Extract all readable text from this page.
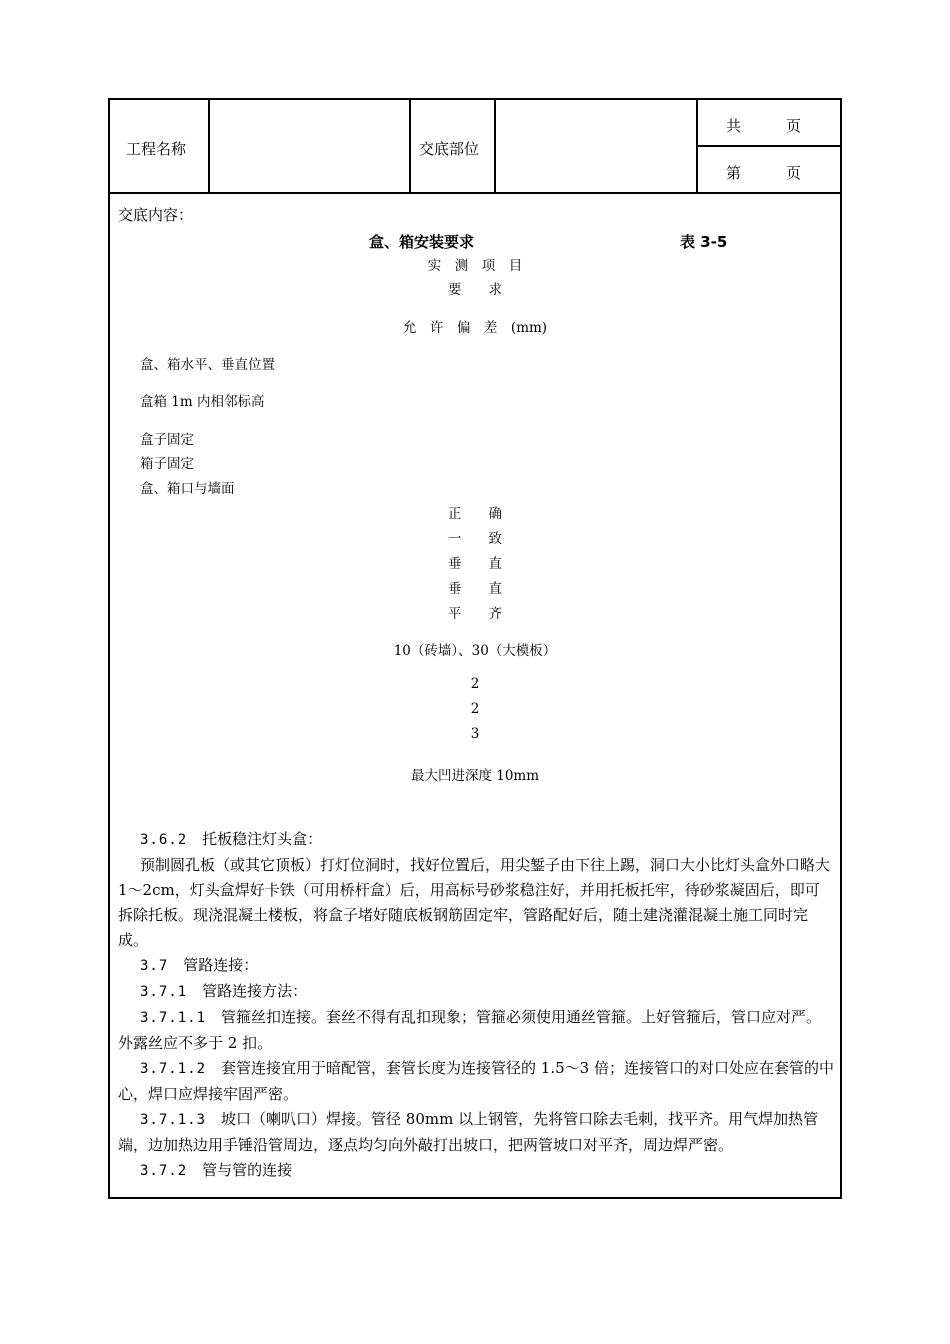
工程名称	交底部位
共　　　页
第　　　页
交底内容：
盒、箱安装要求	表 3-5
实　测　项　目
要　　求
允　许　偏　差　(mm)
盒、箱水平、垂直位置
盒箱 1m 内相邻标高
盒子固定
箱子固定
盒、箱口与墙面
正　　确
一　　致
垂　　直
垂　　直
平　　齐
10（砖墙）、30（大模板）
2
2
3
最大凹进深度 10mm

3.6.2　托板稳注灯头盒：

预制圆孔板（或其它顶板）打灯位洞时，找好位置后，用尖錾子由下往上踢，洞口大小比灯头盒外口略大 1～2cm，灯头盒焊好卡铁（可用桥杆盒）后，用高标号砂浆稳注好，并用托板托牢，待砂浆凝固后，即可拆除托板。现浇混凝土楼板，将盒子堵好随底板钢筋固定牢，管路配好后，随土建浇灌混凝土施工同时完成。

3.7　管路连接：

3.7.1　管路连接方法：

3.7.1.1　管箍丝扣连接。套丝不得有乱扣现象；管箍必须使用通丝管箍。上好管箍后，管口应对严。外露丝应不多于 2 扣。

3.7.1.2　套管连接宜用于暗配管，套管长度为连接管径的 1.5～3 倍；连接管口的对口处应在套管的中心，焊口应焊接牢固严密。

3.7.1.3　坡口（喇叭口）焊接。管径 80mm 以上钢管，先将管口除去毛刺，找平齐。用气焊加热管端，边加热边用手锤沿管周边，逐点均匀向外敲打出坡口，把两管坡口对平齐，周边焊严密。

3.7.2　管与管的连接
